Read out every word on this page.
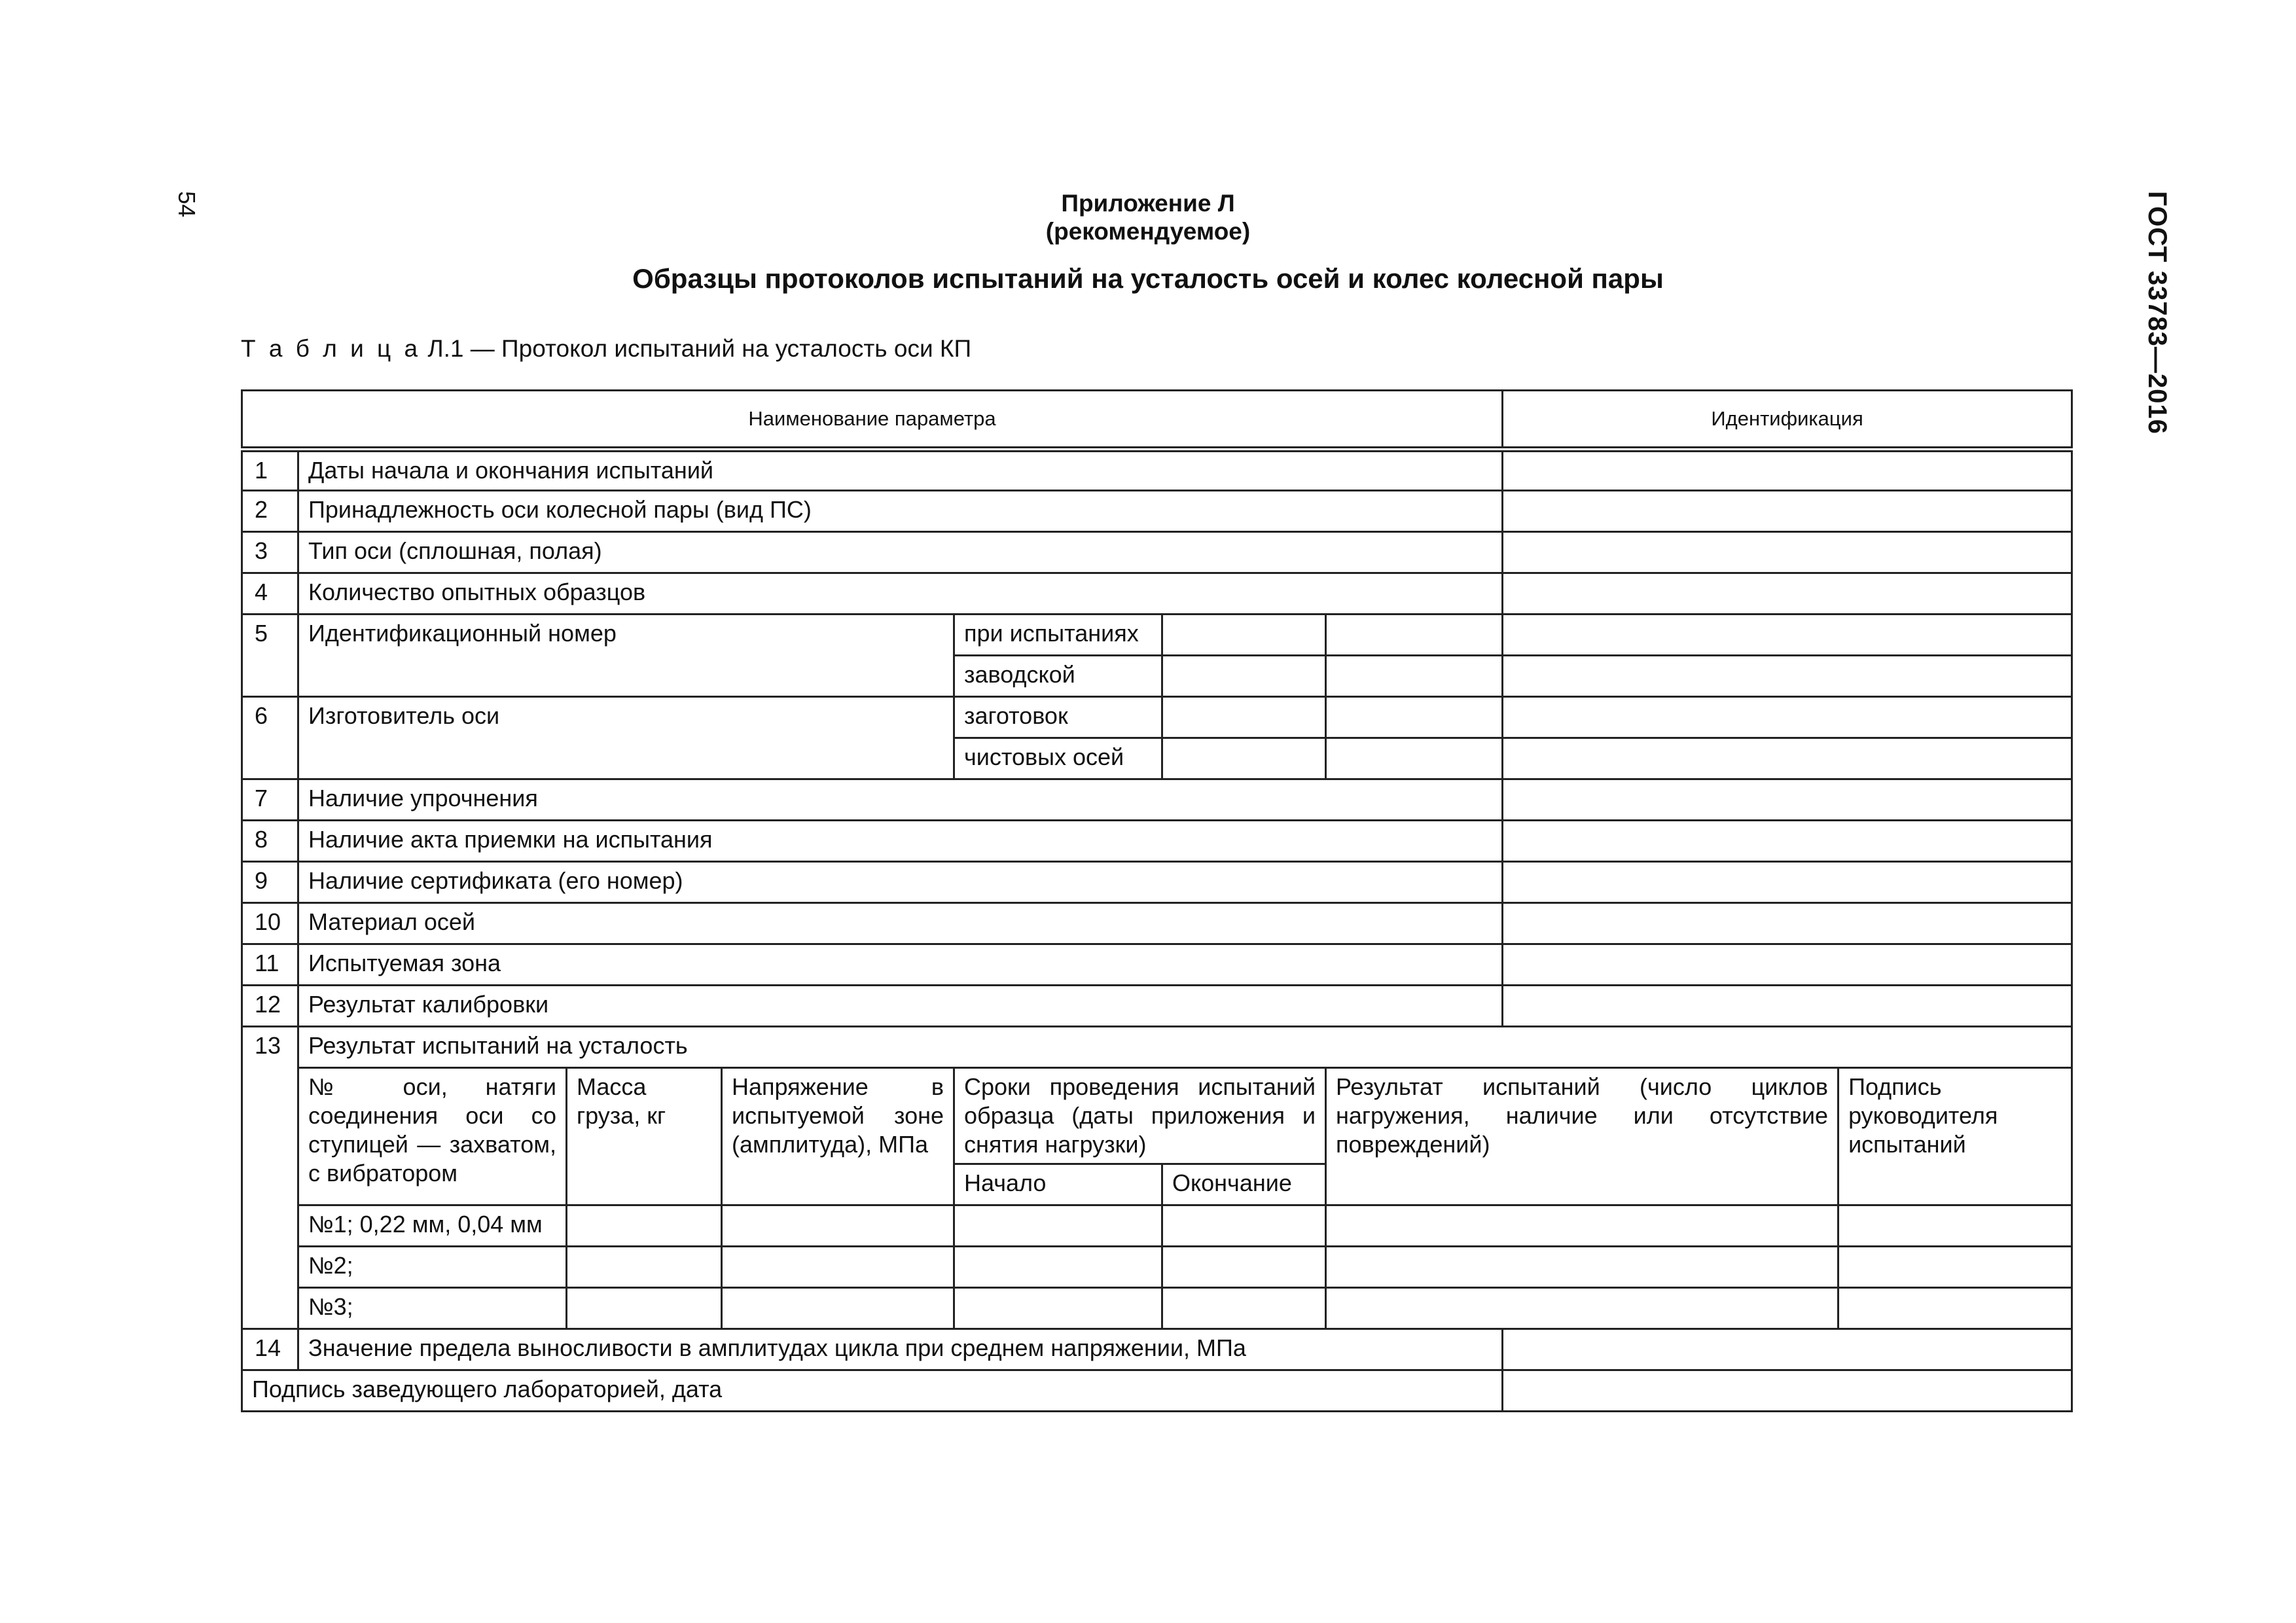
54	ГОСТ 33783—2016
Приложение Л
(рекомендуемое)
Образцы протоколов испытаний на усталость осей и колес колесной пары
Т а б л и ц а Л.1 — Протокол испытаний на усталость оси КП
Наименование параметра							Идентификация	
1	Даты начала и окончания испытаний							
2	Принадлежность оси колесной пары (вид ПС)							
3	Тип оси (сплошная, полая)							
4	Количество опытных образцов							
5	Идентификационный номер			при испытаниях				
				заводской				
6	Изготовитель оси			заготовок				
				чистовых осей				
7	Наличие упрочнения							
8	Наличие акта приемки на испытания							
9	Наличие сертификата (его номер)							
10	Материал осей							
11	Испытуемая зона							
12	Результат калибровки							
13	Результат испытаний на усталость							
	№ оси, натяги соединения оси со ступицей — захватом, с вибратором	Масса груза, кг	Напряжение в испытуемой зоне (амплитуда), МПа	Сроки проведения испытаний образца (даты приложения и снятия нагрузки)		Результат испытаний (число циклов нагружения, наличие или отсутствие повреждений)		Подпись руководителя испытаний
				Начало	Окончание			
	№1; 0,22 мм, 0,04 мм							
	№2;							
	№3;							
14	Значение предела выносливости в амплитудах цикла при среднем напряжении, МПа							
Подпись заведующего лабораторией, дата								
